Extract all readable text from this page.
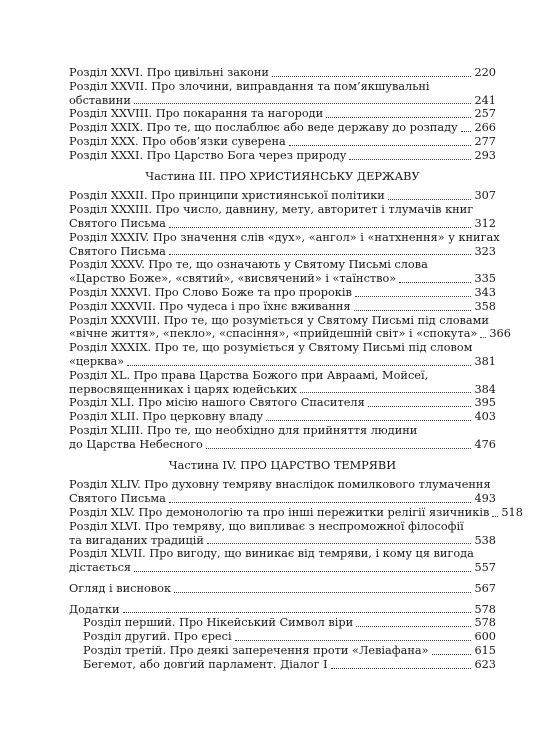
Розділ XXVI. Про цивільні закони	220
Розділ XXVII. Про злочини, виправдання та пом’якшувальні
обставини	241
Розділ XXVIII. Про покарання та нагороди	257
Розділ XXIX. Про те, що послаблює або веде державу до розпаду 266
Розділ XXX. Про обов’язки суверена	277
Розділ XXXI. Про Царство Бога через природу	293
Частина III. ПРО ХРИСТИЯНСЬКУ ДЕРЖАВУ
Розділ XXXII. Про принципи християнської політики	307
Розділ XXXIII. Про число, давнину, мету, авторитет і тлумачів книг
Святого Письма	312
Розділ XXXIV. Про значення слів «дух», «ангол» і «натхнення» у книгах
Святого Письма	323
Розділ XXXV. Про те, що означають у Святому Письмі слова
«Царство Боже», «святий», «висвячений» і «таїнство»	335
Розділ XXXVI. Про Слово Боже та про пророків	343
Розділ XXXVII. Про чудеса і про їхнє вживання	358
Розділ XXXVIII. Про те, що розуміється у Святому Письмі під словами
«вічне життя», «пекло», «спасіння», «прийдешній світ» і «спокута» 366
Розділ XXXIX. Про те, що розуміється у Святому Письмі під словом
«церква»	381
Розділ XL. Про права Царства Божого при Авраамі, Мойсеї,
первосвященниках і царях юдейських	384
Розділ XLI. Про місію нашого Святого Спасителя	395
Розділ XLII. Про церковну владу	403
Розділ XLIII. Про те, що необхідно для прийняття людини
до Царства Небесного	476
Частина IV. ПРО ЦАРСТВО ТЕМРЯВИ
Розділ XLIV. Про духовну темряву внаслідок помилкового тлумачення
Святого Письма	493
Розділ XLV. Про демонологію та про інші пережитки релігії язичників 518
Розділ XLVI. Про темряву, що випливає з неспроможної філософії
та вигаданих традицій	538
Розділ XLVII. Про вигоду, що виникає від темряви, і кому ця вигода
дістається	557
Огляд і висновок	567
Додатки	578
Розділ перший. Про Нікейський Символ віри	578
Розділ другий. Про єресі	600
Розділ третій. Про деякі заперечення проти «Левіафана»	615
Бегемот, або довгий парламент. Діалог І	623
